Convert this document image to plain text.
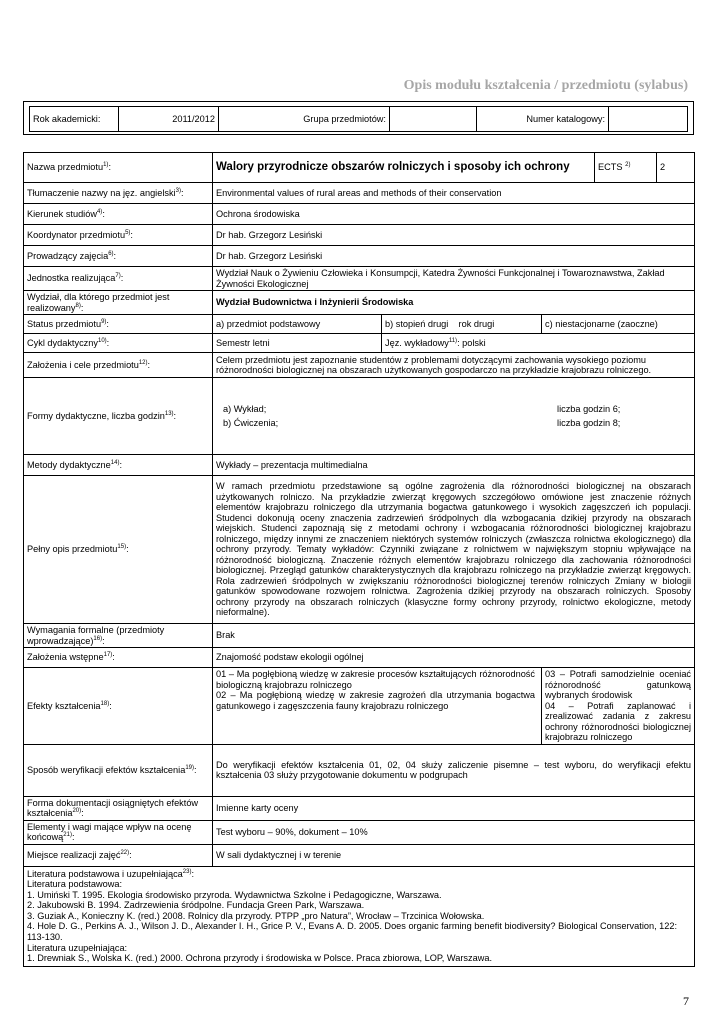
Opis modułu kształcenia / przedmiotu (sylabus)
Rok akademicki:	2011/2012	Grupa przedmiotów:		Numer katalogowy:	
Nazwa przedmiotu$^{1)}$:	Walory przyrodnicze obszarów rolniczych i sposoby ich ochrony	ECTS $^{2)}$	2
Tłumaczenie nazwy na jęz. angielski$^{3)}$:	Environmental values of rural areas and methods of their conservation
Kierunek studiów$^{4)}$:	Ochrona środowiska
Koordynator przedmiotu$^{5)}$:	Dr hab. Grzegorz Lesiński
Prowadzący zajęcia$^{6)}$:	Dr hab. Grzegorz Lesiński
Jednostka realizująca$^{7)}$:	Wydział Nauk o Żywieniu Człowieka i Konsumpcji, Katedra Żywności Funkcjonalnej i Towaroznawstwa, Zakład Żywności Ekologicznej
Wydział, dla którego przedmiot jest realizowany$^{8)}$:	Wydział Budownictwa i Inżynierii Środowiska
Status przedmiotu$^{9)}$:	a) przedmiot podstawowy	b) stopień drugi    rok drugi	c) niestacjonarne (zaoczne)
Cykl dydaktyczny$^{10)}$:	Semestr letni	Jęz. wykładowy$^{11)}$: polski
Założenia i cele przedmiotu$^{12)}$:	Celem przedmiotu jest zapoznanie studentów z problemami dotyczącymi zachowania wysokiego poziomu różnorodności biologicznej na obszarach użytkowanych gospodarczo na przykładzie krajobrazu rolniczego.
Formy dydaktyczne, liczba godzin$^{13)}$:	
a) Wykład;	liczba godzin 6;
b) Ćwiczenia;	liczba godzin 8;

Metody dydaktyczne$^{14)}$:	Wykłady – prezentacja multimedialna
Pełny opis przedmiotu$^{15)}$:	W ramach przedmiotu przedstawione są ogólne zagrożenia dla różnorodności biologicznej na obszarach użytkowanych rolniczo. Na przykładzie zwierząt kręgowych szczegółowo omówione jest znaczenie różnych elementów krajobrazu rolniczego dla utrzymania bogactwa gatunkowego i wysokich zagęszczeń ich populacji. Studenci dokonują oceny znaczenia zadrzewień śródpolnych dla wzbogacania dzikiej przyrody na obszarach wiejskich. Studenci zapoznają się z metodami ochrony i wzbogacania różnorodności biologicznej krajobrazu rolniczego, między innymi ze znaczeniem niektórych systemów rolniczych (zwłaszcza rolnictwa ekologicznego) dla ochrony przyrody. Tematy wykładów: Czynniki związane z rolnictwem w największym stopniu wpływające na różnorodność biologiczną. Znaczenie różnych elementów krajobrazu rolniczego dla zachowania różnorodności biologicznej. Przegląd gatunków charakterystycznych dla krajobrazu rolniczego na przykładzie zwierząt kręgowych. Rola zadrzewień śródpolnych w zwiększaniu różnorodności biologicznej terenów rolniczych Zmiany w biologii gatunków spowodowane rozwojem rolnictwa. Zagrożenia dzikiej przyrody na obszarach rolniczych. Sposoby ochrony przyrody na obszarach rolniczych (klasyczne formy ochrony przyrody, rolnictwo ekologiczne, metody nieformalne).
Wymagania formalne (przedmioty wprowadzające)$^{16)}$:	Brak
Założenia wstępne$^{17)}$:	Znajomość podstaw ekologii ogólnej
Efekty kształcenia$^{18)}$:	01 – Ma pogłębioną wiedzę w zakresie procesów kształtujących różnorodność biologiczną krajobrazu rolniczego
02 – Ma pogłębioną wiedzę w zakresie zagrożeń dla utrzymania bogactwa gatunkowego i zagęszczenia fauny krajobrazu rolniczego	03 – Potrafi samodzielnie oceniać różnorodność gatunkową wybranych środowisk
04 – Potrafi zaplanować i zrealizować zadania z zakresu ochrony różnorodności biologicznej krajobrazu rolniczego
Sposób weryfikacji efektów kształcenia$^{19)}$:	Do weryfikacji efektów kształcenia 01, 02, 04 służy zaliczenie pisemne – test wyboru, do weryfikacji efektu kształcenia 03 służy przygotowanie dokumentu w podgrupach
Forma dokumentacji osiągniętych efektów kształcenia$^{20)}$:	Imienne karty oceny
Elementy i wagi mające wpływ na ocenę końcową$^{21)}$:	Test wyboru – 90%, dokument – 10%
Miejsce realizacji zajęć$^{22)}$:	W sali dydaktycznej i w terenie

Literatura podstawowa i uzupełniająca$^{23)}$:
Literatura podstawowa:
1. Umiński T. 1995. Ekologia środowisko przyroda. Wydawnictwa Szkolne i Pedagogiczne, Warszawa.
2. Jakubowski B. 1994. Zadrzewienia śródpolne. Fundacja Green Park, Warszawa.
3. Guziak A., Konieczny K. (red.) 2008. Rolnicy dla przyrody. PTPP „pro Natura”, Wrocław – Trzcinica Wołowska.
4. Hole D. G., Perkins A. J., Wilson J. D., Alexander I. H., Grice P. V., Evans A. D. 2005. Does organic farming benefit biodiversity? Biological Conservation, 122: 113-130.
Literatura uzupełniająca:
1. Drewniak S., Wolska K. (red.) 2000. Ochrona przyrody i środowiska w Polsce. Praca zbiorowa, LOP, Warszawa.
7
